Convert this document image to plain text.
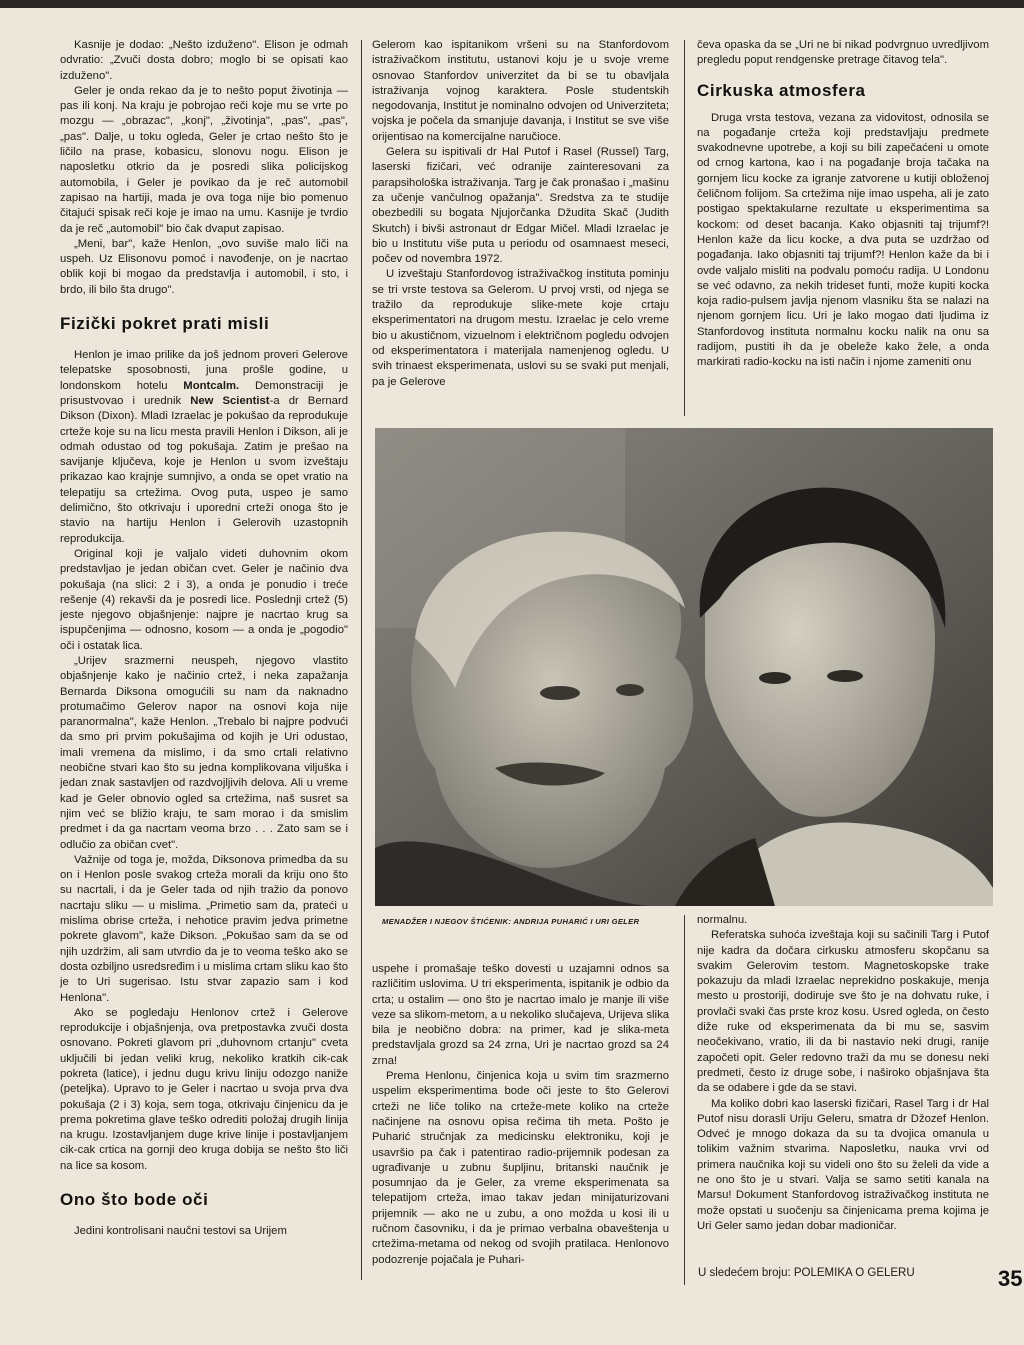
Kasnije je dodao: „Nešto izduženo". Elison je odmah odvratio: „Zvuči dosta dobro; moglo bi se opisati kao izduženo".

Geler je onda rekao da je to nešto poput životinja — pas ili konj. Na kraju je pobrojao reči koje mu se vrte po mozgu — „obrazac", „konj", „životinja", „pas", „pas", „pas". Dalje, u toku ogleda, Geler je crtao nešto što je ličilo na prase, kobasicu, slonovu nogu. Elison je naposletku otkrio da je posredi slika policijskog automobila, i Geler je povikao da je reč automobil zapisao na hartiji, mada je ova toga nije bio pomenuo čitajući spisak reči koje je imao na umu. Kasnije je tvrdio da je reč „automobil" bio čak dvaput zapisao.

„Meni, bar", kaže Henlon, „ovo suviše malo liči na uspeh. Uz Elisonovu pomoć i navođenje, on je nacrtao oblik koji bi mogao da predstavlja i automobil, i sto, i brdo, ili bilo šta drugo".

Fizički pokret prati misli

Henlon je imao prilike da još jednom proveri Gelerove telepatske sposobnosti, juna prošle godine, u londonskom hotelu Montcalm. Demonstraciji je prisustvovao i urednik New Scientist-a dr Bernard Dikson (Dixon). Mladi Izraelac je pokušao da reprodukuje crteže koje su na licu mesta pravili Henlon i Dikson, ali je odmah odustao od tog pokušaja. Zatim je prešao na savijanje ključeva, koje je Henlon u svom izveštaju prikazao kao krajnje sumnjivo, a onda se opet vratio na telepatiju sa crtežima. Ovog puta, uspeo je samo delimično, što otkrivaju i uporedni crteži onoga što je stavio na hartiju Henlon i Gelerovih uzastopnih reprodukcija.

Original koji je valjalo videti duhovnim okom predstavljao je jedan običan cvet. Geler je načinio dva pokušaja (na slici: 2 i 3), a onda je ponudio i treće rešenje (4) rekavši da je posredi lice. Poslednji crtež (5) jeste njegovo objašnjenje: najpre je nacrtao krug sa ispupčenjima — odnosno, kosom — a onda je „pogodio" oči i ostatak lica.

„Urijev srazmerni neuspeh, njegovo vlastito objašnjenje kako je načinio crtež, i neka zapažanja Bernarda Diksona omogućili su nam da naknadno protumačimo Gelerov napor na osnovi koja nije paranormalna", kaže Henlon. „Trebalo bi najpre podvući da smo pri prvim pokušajima od kojih je Uri odustao, imali vremena da mislimo, i da smo crtali relativno neobične stvari kao što su jedna komplikovana viljuška i jedan znak sastavljen od razdvojljivih delova. Ali u vreme kad je Geler obnovio ogled sa crtežima, naš susret sa njim već se bližio kraju, te sam morao i da smislim predmet i da ga nacrtam veoma brzo . . . Zato sam se i odlučio za običan cvet".

Važnije od toga je, možda, Diksonova primedba da su on i Henlon posle svakog crteža morali da kriju ono što su nacrtali, i da je Geler tada od njih tražio da ponovo nacrtaju sliku — u mislima. „Primetio sam da, prateći u mislima obrise crteža, i nehotice pravim jedva primetne pokrete glavom", kaže Dikson. „Pokušao sam da se od njih uzdržim, ali sam utvrdio da je to veoma teško ako se dosta ozbiljno usredsređim i u mislima crtam sliku kao što je to Uri sugerisao. Istu stvar zapazio sam i kod Henlona".

Ako se pogledaju Henlonov crtež i Gelerove reprodukcije i objašnjenja, ova pretpostavka zvuči dosta osnovano. Pokreti glavom pri „duhovnom crtanju" cveta uključili bi jedan veliki krug, nekoliko kratkih cik-cak pokreta (latice), i jednu dugu krivu liniju odozgo naniže (peteljka). Upravo to je Geler i nacrtao u svoja prva dva pokušaja (2 i 3) koja, sem toga, otkrivaju činjenicu da je prema pokretima glave teško odrediti položaj drugih linija na krugu. Izostavljanjem duge krive linije i postavljanjem cik-cak crtica na gornji deo kruga dobija se nešto što liči na lice sa kosom.

Ono što bode oči

Jedini kontrolisani naučni testovi sa Urijem

Gelerom kao ispitanikom vršeni su na Stanfordovom istraživačkom institutu, ustanovi koju je u svoje vreme osnovao Stanfordov univerzitet da bi se tu obavljala istraživanja vojnog karaktera. Posle studentskih negodovanja, Institut je nominalno odvojen od Univerziteta; vojska je počela da smanjuje davanja, i Institut se sve više orijentisao na komercijalne naručioce.

Gelera su ispitivali dr Hal Putof i Rasel (Russel) Targ, laserski fizičari, već odranije zainteresovani za parapsihološka istraživanja. Targ je čak pronašao i „mašinu za učenje vančulnog opažanja". Sredstva za te studije obezbedili su bogata Njujorčanka Džudita Skač (Judith Skutch) i bivši astronaut dr Edgar Mičel. Mladi Izraelac je bio u Institutu više puta u periodu od osamnaest meseci, počev od novembra 1972.

U izveštaju Stanfordovog istraživačkog instituta pominju se tri vrste testova sa Gelerom. U prvoj vrsti, od njega se tražilo da reprodukuje slike-mete koje crtaju eksperimentatori na drugom mestu. Izraelac je celo vreme bio u akustičnom, vizuelnom i električnom pogledu odvojen od eksperimentatora i materijala namenjenog ogledu. U svih trinaest eksperimenata, uslovi su se svaki put menjali, pa je Gelerove

čeva opaska da se „Uri ne bi nikad podvrgnuo uvredljivom pregledu poput rendgenske pretrage čitavog tela".

Cirkuska atmosfera

Druga vrsta testova, vezana za vidovitost, odnosila se na pogađanje crteža koji predstavljaju predmete svakodnevne upotrebe, a koji su bili zapečaćeni u omote od crnog kartona, kao i na pogađanje broja tačaka na gornjem licu kocke za igranje zatvorene u kutiji obloženoj čeličnom folijom. Sa crtežima nije imao uspeha, ali je zato postigao spektakularne rezultate u eksperimentima sa kockom: od deset bacanja. Kako objasniti taj trijumf?! Henlon kaže da licu kocke, a dva puta se uzdržao od pogađanja. Iako objasniti taj trijumf?! Henlon kaže da bi i ovde valjalo misliti na podvalu pomoću radija. U Londonu se već odavno, za nekih trideset funti, može kupiti kocka koja radio-pulsem javlja njenom vlasniku šta se nalazi na njenom gornjem licu. Uri je lako mogao dati ljudima iz Stanfordovog instituta normalnu kocku nalik na onu sa radijom, pustiti ih da je obeleže kako žele, a onda markirati radio-kocku na isti način i njome zameniti onu

MENADŽER I NJEGOV ŠTIĆENIK: ANDRIJA PUHARIĆ I URI GELER

uspehe i promašaje teško dovesti u uzajamni odnos sa različitim uslovima. U tri eksperimenta, ispitanik je odbio da crta; u ostalim — ono što je nacrtao imalo je manje ili više veze sa slikom-metom, a u nekoliko slučajeva, Urijeva slika bila je neobično dobra: na primer, kad je slika-meta predstavljala grozd sa 24 zrna, Uri je nacrtao grozd sa 24 zrna!

Prema Henlonu, činjenica koja u svim tim srazmerno uspelim eksperimentima bode oči jeste to što Gelerovi crteži ne liče toliko na crteže-mete koliko na crteže načinjene na osnovu opisa rečima tih meta. Pošto je Puharić stručnjak za medicinsku elektroniku, koji je usavršio pa čak i patentirao radio-prijemnik podesan za ugrađivanje u zubnu šupljinu, britanski naučnik je posumnjao da je Geler, za vreme eksperimenata sa telepatijom crteža, imao takav jedan minijaturizovani prijemnik — ako ne u zubu, a ono možda u kosi ili u ručnom časovniku, i da je primao verbalna obaveštenja u crtežima-metama od nekog od svojih pratilaca. Henlonovo podozrenje pojačala je Puhari-

normalnu.

Referatska suhoća izveštaja koji su sačinili Targ i Putof nije kadra da dočara cirkusku atmosferu skopčanu sa svakim Gelerovim testom. Magnetoskopske trake pokazuju da mladi Izraelac neprekidno poskakuje, menja mesto u prostoriji, dodiruje sve što je na dohvatu ruke, i provlači svaki čas prste kroz kosu. Usred ogleda, on često diže ruke od eksperimenata da bi mu se, sasvim neočekivano, vratio, ili da bi nastavio neki drugi, ranije započeti opit. Geler redovno traži da mu se donesu neki predmeti, često iz druge sobe, i naširoko objašnjava šta da se odabere i gde da se stavi.

Ma koliko dobri kao laserski fizičari, Rasel Targ i dr Hal Putof nisu dorasli Uriju Geleru, smatra dr Džozef Henlon. Odveć je mnogo dokaza da su ta dvojica omanula u tolikim važnim stvarima. Naposletku, nauka vrvi od primera naučnika koji su videli ono što su želeli da vide a ne ono što je u stvari. Valja se samo setiti kanala na Marsu! Dokument Stanfordovog istraživačkog instituta ne može opstati u suočenju sa činjenicama prema kojima je Uri Geler samo jedan dobar madioničar.

U sledećem broju: POLEMIKA O GELERU	35
